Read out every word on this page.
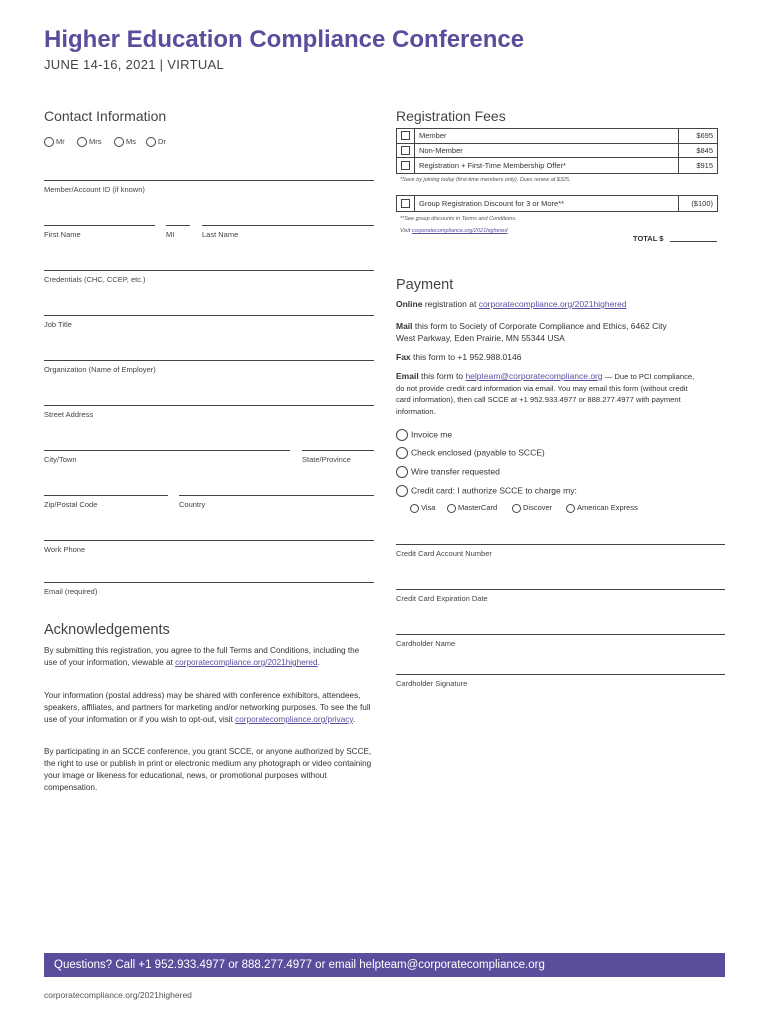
Higher Education Compliance Conference
JUNE 14-16, 2021 | VIRTUAL
Contact Information
Mr	Mrs	Ms	Dr
Member/Account ID (if known)
First Name	MI	Last Name
Credentials (CHC, CCEP, etc.)
Job Title
Organization (Name of Employer)
Street Address
City/Town	State/Province
Zip/Postal Code	Country
Work Phone
Email (required)
Registration Fees
Member	$695
Non-Member	$845
Registration + First-Time Membership Offer*	$915
*Save by joining today (first-time members only). Dues renew at $325.
Group Registration Discount for 3 or More**	($100)
**See group discounts in Terms and Conditions.
Visit corporatecompliance.org/2021highered
TOTAL $
Payment
Online registration at corporatecompliance.org/2021highered
Mail this form to Society of Corporate Compliance and Ethics, 6462 City West Parkway, Eden Prairie, MN 55344 USA
Fax this form to +1 952.988.0146
Email this form to helpteam@corporatecompliance.org — Due to PCI compliance, do not provide credit card information via email. You may email this form (without credit card information), then call SCCE at +1 952.933.4977 or 888.277.4977 with payment information.
Invoice me
Check enclosed (payable to SCCE)
Wire transfer requested
Credit card: I authorize SCCE to charge my:
Visa	MasterCard	Discover	American Express
Credit Card Account Number
Credit Card Expiration Date
Cardholder Name
Cardholder Signature
Acknowledgements
By submitting this registration, you agree to the full Terms and Conditions, including the use of your information, viewable at corporatecompliance.org/2021highered.
Your information (postal address) may be shared with conference exhibitors, attendees, speakers, affiliates, and partners for marketing and/or networking purposes. To see the full use of your information or if you wish to opt-out, visit corporatecompliance.org/privacy.
By participating in an SCCE conference, you grant SCCE, or anyone authorized by SCCE, the right to use or publish in print or electronic medium any photograph or video containing your image or likeness for educational, news, or promotional purposes without compensation.
Questions? Call +1 952.933.4977 or 888.277.4977 or email helpteam@corporatecompliance.org
corporatecompliance.org/2021highered
